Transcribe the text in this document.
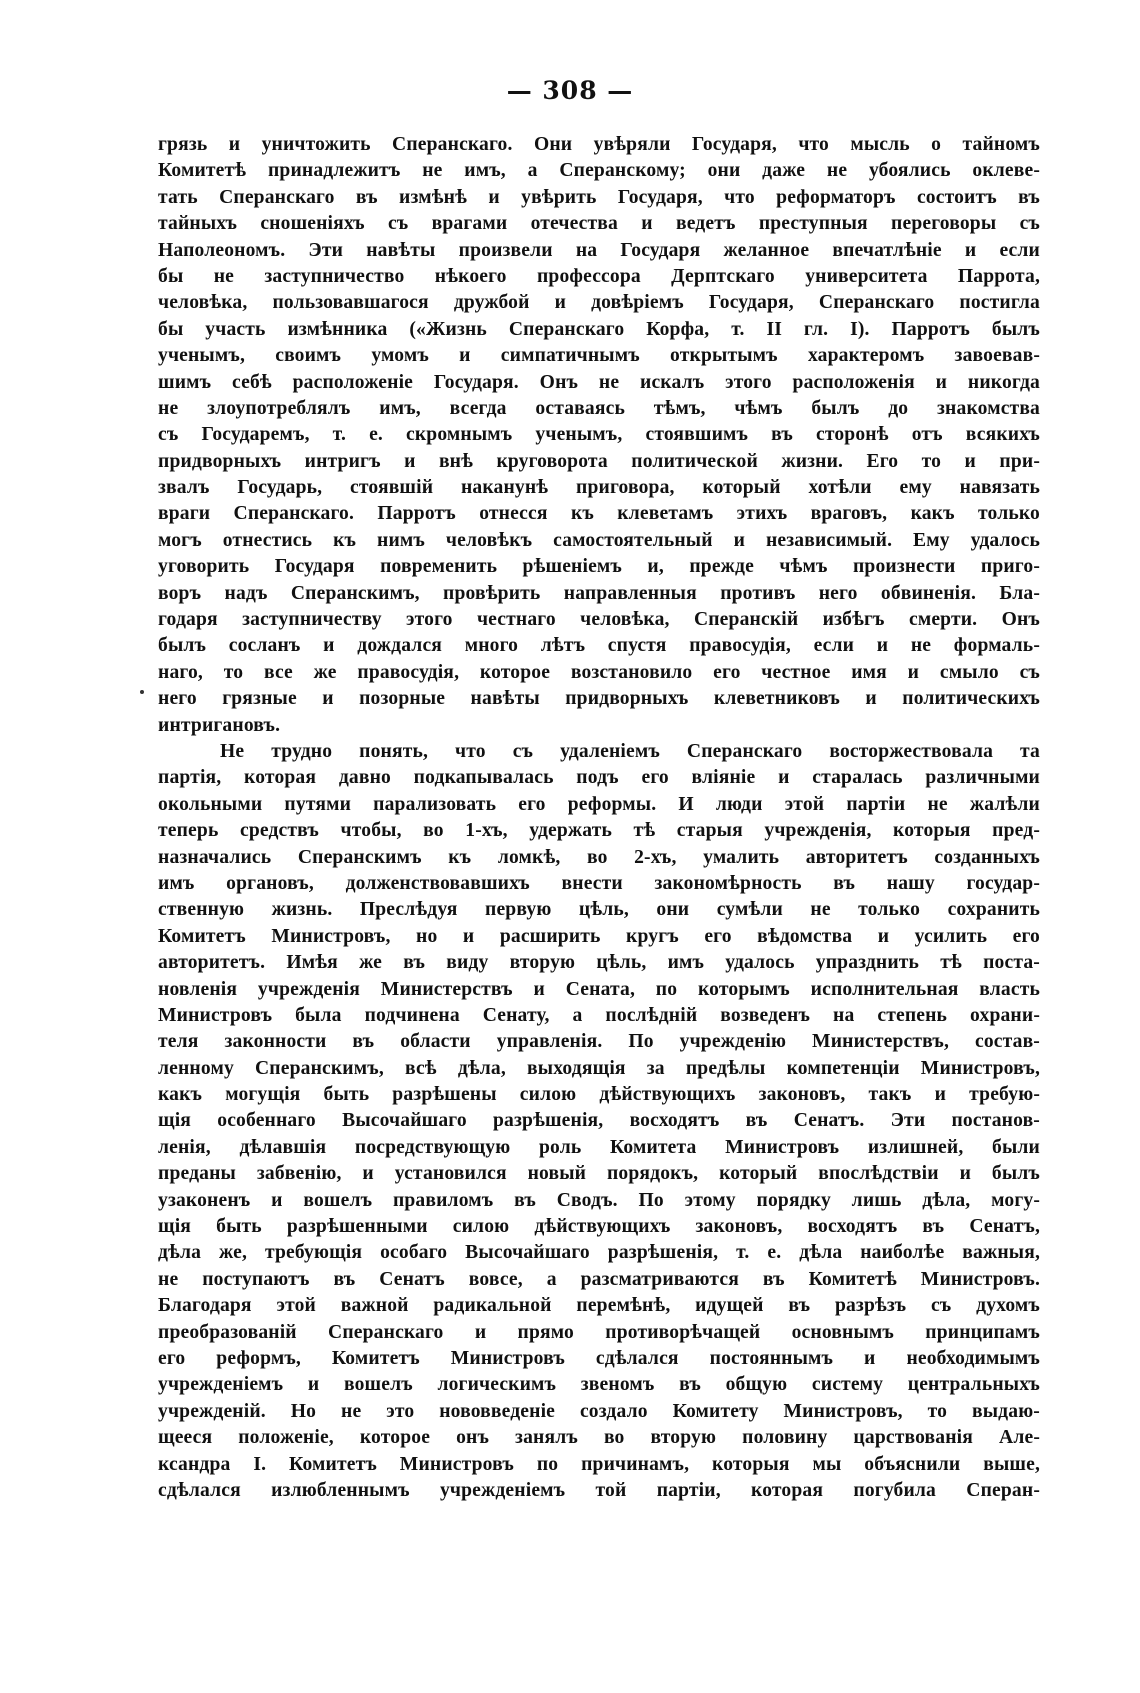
— 308 —
грязь и уничтожить Сперанскаго. Они увѣряли Государя, что мысль о тайномъ
Комитетѣ принадлежитъ не имъ, а Сперанскому; они даже не убоялись оклеве-
тать Сперанскаго въ измѣнѣ и увѣрить Государя, что реформаторъ состоитъ въ
тайныхъ сношеніяхъ съ врагами отечества и ведетъ преступныя переговоры съ
Наполеономъ. Эти навѣты произвели на Государя желанное впечатлѣніе и если
бы не заступничество нѣкоего профессора Дерптскаго университета Паррота,
человѣка, пользовавшагося дружбой и довѣріемъ Государя, Сперанскаго постигла
бы участь измѣнника («Жизнь Сперанскаго Корфа, т. II гл. I). Парротъ былъ
ученымъ, своимъ умомъ и симпатичнымъ открытымъ характеромъ завоевав-
шимъ себѣ расположеніе Государя. Онъ не искалъ этого расположенія и никогда
не злоупотреблялъ имъ, всегда оставаясь тѣмъ, чѣмъ былъ до знакомства
съ Государемъ, т. е. скромнымъ ученымъ, стоявшимъ въ сторонѣ отъ всякихъ
придворныхъ интригъ и внѣ круговорота политической жизни. Его то и при-
звалъ Государь, стоявшій наканунѣ приговора, который хотѣли ему навязать
враги Сперанскаго. Парротъ отнесся къ клеветамъ этихъ враговъ, какъ только
могъ отнестись къ нимъ человѣкъ самостоятельный и независимый. Ему удалось
уговорить Государя повременить рѣшеніемъ и, прежде чѣмъ произнести приго-
воръ надъ Сперанскимъ, провѣрить направленныя противъ него обвиненія. Бла-
годаря заступничеству этого честнаго человѣка, Сперанскій избѣгъ смерти. Онъ
былъ сосланъ и дождался много лѣтъ спустя правосудія, если и не формаль-
наго, то все же правосудія, которое возстановило его честное имя и смыло съ
него грязные и позорные навѣты придворныхъ клеветниковъ и политическихъ
интригановъ.
Не трудно понять, что съ удаленіемъ Сперанскаго восторжествовала та
партія, которая давно подкапывалась подъ его вліяніе и старалась различными
окольными путями парализовать его реформы. И люди этой партіи не жалѣли
теперь средствъ чтобы, во 1-хъ, удержать тѣ старыя учрежденія, которыя пред-
назначались Сперанскимъ къ ломкѣ, во 2-хъ, умалить авторитетъ созданныхъ
имъ органовъ, долженствовавшихъ внести закономѣрность въ нашу государ-
ственную жизнь. Преслѣдуя первую цѣль, они сумѣли не только сохранить
Комитетъ Министровъ, но и расширить кругъ его вѣдомства и усилить его
авторитетъ. Имѣя же въ виду вторую цѣль, имъ удалось упразднить тѣ поста-
новленія учрежденія Министерствъ и Сената, по которымъ исполнительная власть
Министровъ была подчинена Сенату, а послѣдній возведенъ на степень охрани-
теля законности въ области управленія. По учрежденію Министерствъ, состав-
ленному Сперанскимъ, всѣ дѣла, выходящія за предѣлы компетенціи Министровъ,
какъ могущія быть разрѣшены силою дѣйствующихъ законовъ, такъ и требую-
щія особеннаго Высочайшаго разрѣшенія, восходятъ въ Сенатъ. Эти постанов-
ленія, дѣлавшія посредствующую роль Комитета Министровъ излишней, были
преданы забвенію, и установился новый порядокъ, который впослѣдствіи и былъ
узаконенъ и вошелъ правиломъ въ Сводъ. По этому порядку лишь дѣла, могу-
щія быть разрѣшенными силою дѣйствующихъ законовъ, восходятъ въ Сенатъ,
дѣла же, требующія особаго Высочайшаго разрѣшенія, т. е. дѣла наиболѣе важныя,
не поступаютъ въ Сенатъ вовсе, а разсматриваются въ Комитетѣ Министровъ.
Благодаря этой важной радикальной перемѣнѣ, идущей въ разрѣзъ съ духомъ
преобразованій Сперанскаго и прямо противорѣчащей основнымъ принципамъ
его реформъ, Комитетъ Министровъ сдѣлался постояннымъ и необходимымъ
учрежденіемъ и вошелъ логическимъ звеномъ въ общую систему центральныхъ
учрежденій. Но не это нововведеніе создало Комитету Министровъ, то выдаю-
щееся положеніе, которое онъ занялъ во вторую половину царствованія Але-
ксандра I. Комитетъ Министровъ по причинамъ, которыя мы объяснили выше,
сдѣлался излюбленнымъ учрежденіемъ той партіи, которая погубила Сперан-
